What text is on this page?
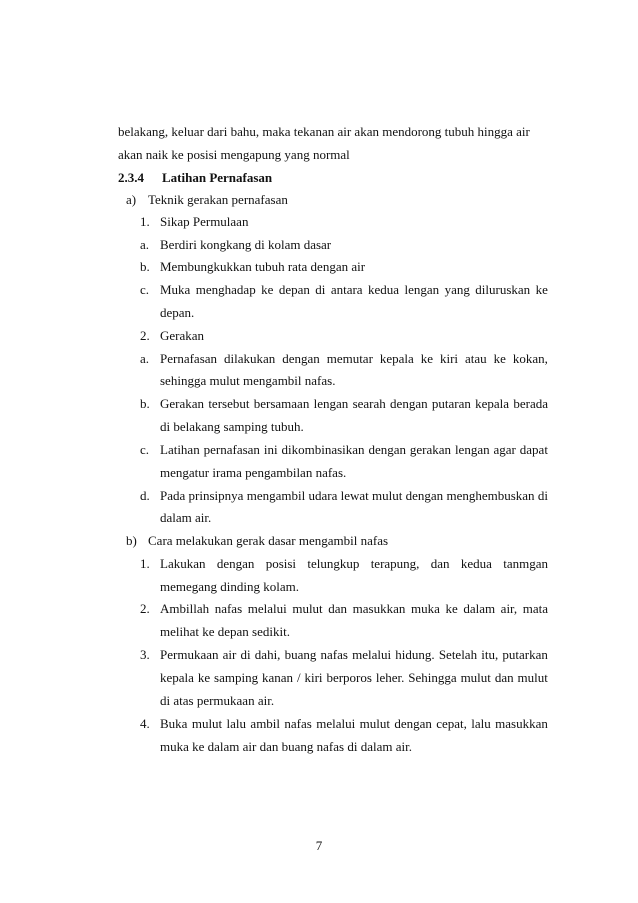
belakang, keluar dari bahu, maka tekanan air akan mendorong tubuh hingga air
akan naik ke posisi mengapung yang normal
2.3.4 Latihan Pernafasan
a) Teknik gerakan pernafasan
1. Sikap Permulaan
a. Berdiri kongkang di kolam dasar
b. Membungkukkan tubuh rata dengan air
c. Muka menghadap ke depan di antara kedua lengan yang diluruskan ke
depan.
2. Gerakan
a. Pernafasan dilakukan dengan memutar kepala ke kiri atau ke kokan,
sehingga mulut mengambil nafas.
b. Gerakan tersebut bersamaan lengan searah dengan putaran kepala berada
di belakang samping tubuh.
c. Latihan pernafasan ini dikombinasikan dengan gerakan lengan agar dapat
mengatur irama pengambilan nafas.
d. Pada prinsipnya mengambil udara lewat mulut dengan menghembuskan di
dalam air.
b) Cara melakukan gerak dasar mengambil nafas
1. Lakukan dengan posisi telungkup terapung, dan kedua tanmgan
memegang dinding kolam.
2. Ambillah nafas melalui mulut dan masukkan muka ke dalam air, mata
melihat ke depan sedikit.
3. Permukaan air di dahi, buang nafas melalui hidung. Setelah itu, putarkan
kepala ke samping kanan / kiri berporos leher. Sehingga mulut dan mulut
di atas permukaan air.
4. Buka mulut lalu ambil nafas melalui mulut dengan cepat, lalu masukkan
muka ke dalam air dan buang nafas di dalam air.
7
